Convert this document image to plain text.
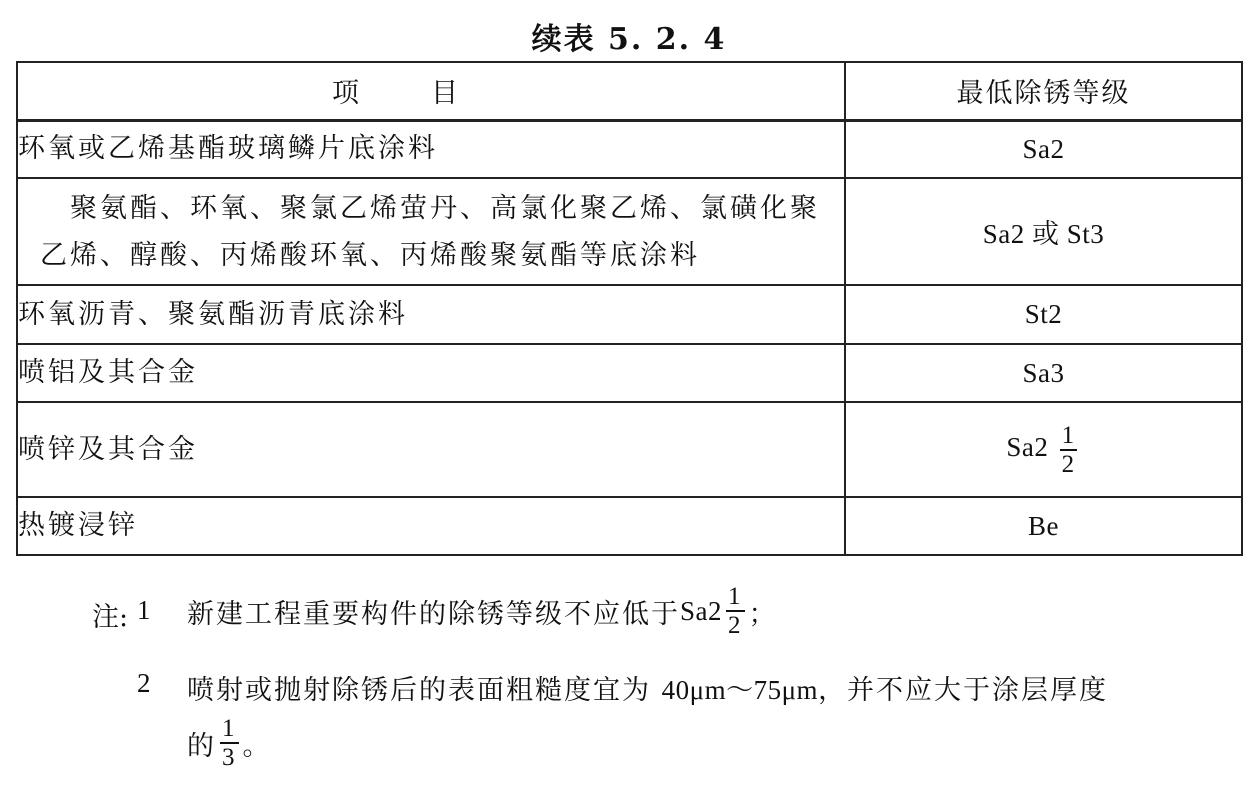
续表 5. 2. 4
项目	最低除锈等级
环氧或乙烯基酯玻璃鳞片底涂料	Sa2
聚氨酯、环氧、聚氯乙烯萤丹、高氯化聚乙烯、氯磺化聚乙烯、醇酸、丙烯酸环氧、丙烯酸聚氨酯等底涂料	Sa2 或 St3
环氧沥青、聚氨酯沥青底涂料	St2
喷铝及其合金	Sa3
喷锌及其合金	$Sa2 \frac{1}{2}$

热镀浸锌	Be
注: 1 新建工程重要构件的除锈等级不应低于 $Sa2 \frac{1}{2}$ ；
2 喷射或抛射除锈后的表面粗糙度宜为 40μm～75μm，并不应大于涂层厚度
的 $\frac{1}{3}$ 。
